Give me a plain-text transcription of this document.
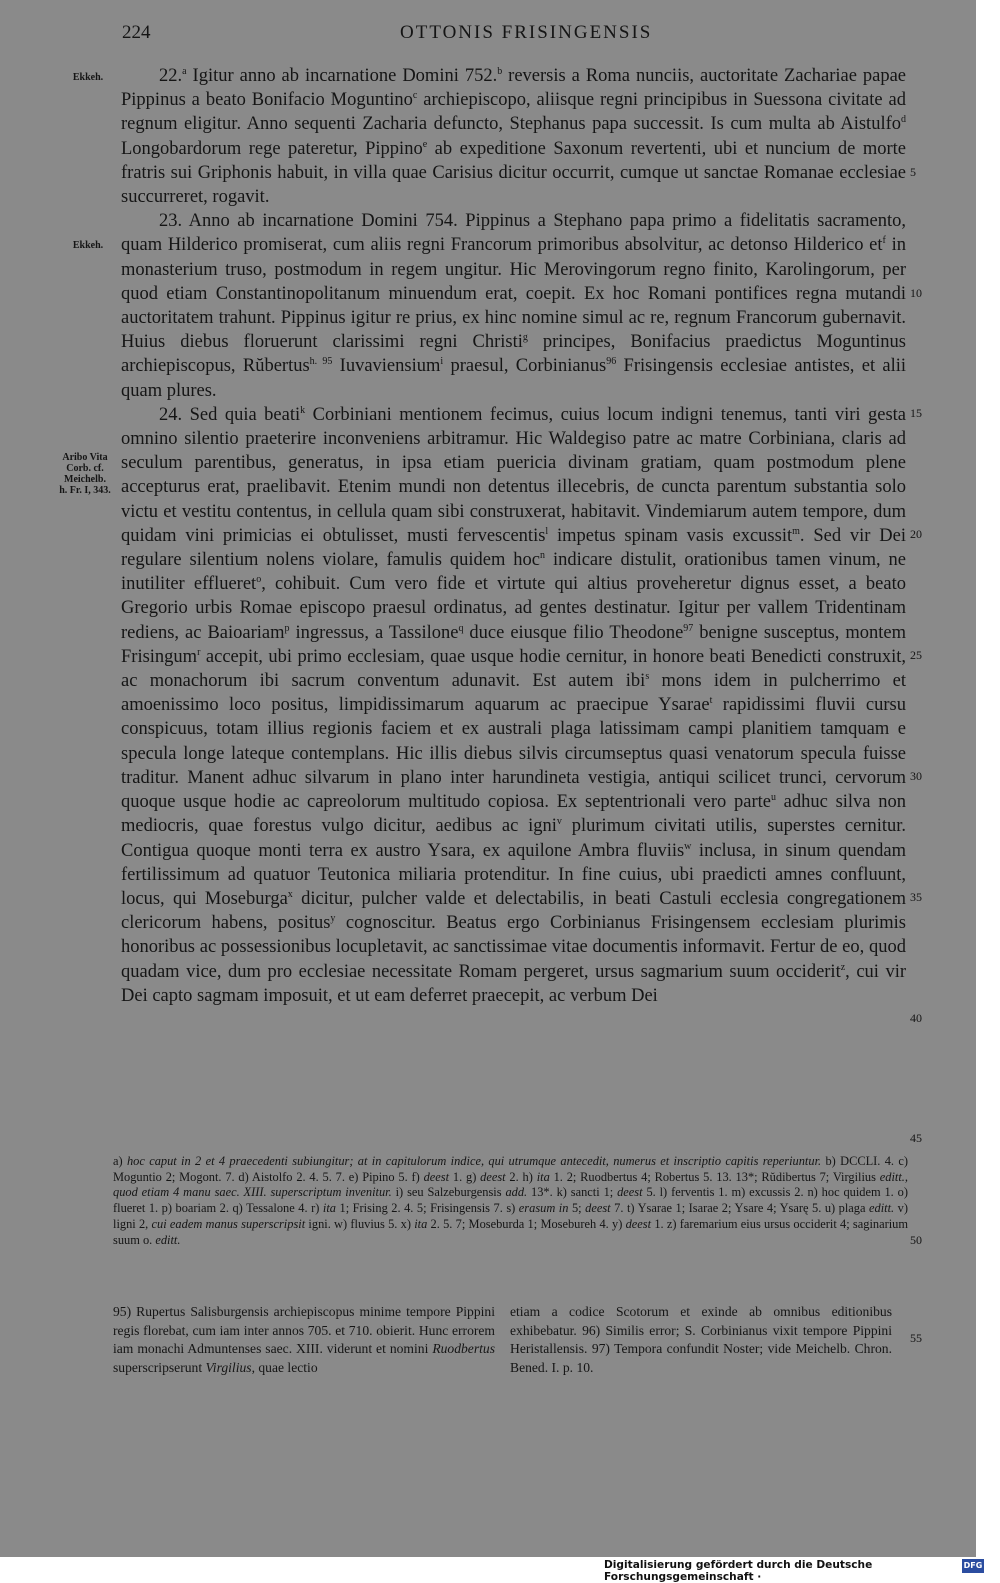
224	OTTONIS FRISINGENSIS
Ekkeh.
Ekkeh.
Aribo Vita
Corb. cf.
Meichelb.
h. Fr. I, 343.
5
10
15
20
25
30
35
40
45
50
55

22.$^a$ Igitur anno ab incarnatione Domini 752.$^b$ reversis a Roma nunciis, auctoritate Zachariae papae Pippinus a beato Bonifacio Moguntino$^c$ archiepiscopo, aliisque regni principibus in Suessona civitate ad regnum eligitur. Anno sequenti Zacharia defuncto, Stephanus papa successit. Is cum multa ab Aistulfo$^d$ Longobardorum rege pateretur, Pippino$^e$ ab expeditione Saxonum revertenti, ubi et nuncium de morte fratris sui Griphonis habuit, in villa quae Carisius dicitur occurrit, cumque ut sanctae Romanae ecclesiae succurreret, rogavit.

23. Anno ab incarnatione Domini 754. Pippinus a Stephano papa primo a fidelitatis sacramento, quam Hilderico promiserat, cum aliis regni Francorum primoribus absolvitur, ac detonso Hilderico $et^f$ in monasterium truso, postmodum in regem ungitur. Hic Merovingorum regno finito, Karolingorum, per quod etiam Constantinopolitanum minuendum erat, coepit. Ex hoc Romani pontifices regna mutandi auctoritatem trahunt. Pippinus igitur re prius, ex hinc nomine simul ac re, regnum Francorum gubernavit. Huius diebus floruerunt clarissimi regni Christi$^g$ principes, Bonifacius praedictus Moguntinus archiepiscopus, Rŭbertus$^{h. 95}$ Iuvaviensium$^i$ praesul, Corbinianus$^{96}$ Frisingensis ecclesiae antistes, et alii quam plures.

24. Sed quia beati$^k$ Corbiniani mentionem fecimus, cuius locum indigni tenemus, tanti viri gesta omnino silentio praeterire inconveniens arbitramur. Hic Waldegiso patre ac matre Corbiniana, claris ad seculum parentibus, generatus, in ipsa etiam puericia divinam gratiam, quam postmodum plene accepturus erat, praelibavit. Etenim mundi non detentus illecebris, de cuncta parentum substantia solo victu et vestitu contentus, in cellula quam sibi construxerat, habitavit. Vindemiarum autem tempore, dum quidam vini primicias ei obtulisset, musti fervescentis$^l$ impetus spinam vasis excussit$^m$. Sed vir Dei regulare silentium nolens violare, famulis quidem hoc$^n$ indicare distulit, orationibus tamen vinum, ne inutiliter efflueret$^o$, cohibuit. Cum vero fide et virtute qui altius proveheretur dignus esset, a beato Gregorio urbis Romae episcopo praesul ordinatus, ad gentes destinatur. Igitur per vallem Tridentinam rediens, ac Baioariam$^p$ ingressus, a Tassilone$^q$ duce eiusque filio Theodone$^{97}$ benigne susceptus, montem Frisingum$^r$ accepit, ubi primo ecclesiam, quae usque hodie cernitur, in honore beati Benedicti construxit, ac monachorum ibi sacrum conventum adunavit. Est autem ibi$^s$ mons idem in pulcherrimo et amoenissimo loco positus, limpidissimarum aquarum ac praecipue Ysarae$^t$ rapidissimi fluvii cursu conspicuus, totam illius regionis faciem et ex australi plaga latissimam campi planitiem tamquam e specula longe lateque contemplans. Hic illis diebus silvis circumseptus quasi venatorum specula fuisse traditur. Manent adhuc silvarum in plano inter harundineta vestigia, antiqui scilicet trunci, cervorum quoque usque hodie ac capreolorum multitudo copiosa. Ex septentrionali vero parte$^u$ adhuc silva non mediocris, quae forestus vulgo dicitur, aedibus ac igni$^v$ plurimum civitati utilis, superstes cernitur. Contigua quoque monti terra ex austro Ysara, ex aquilone Ambra fluviis$^w$ inclusa, in sinum quendam fertilissimum ad quatuor Teutonica miliaria protenditur. In fine cuius, ubi praedicti amnes confluunt, locus, qui Moseburga$^x$ dicitur, pulcher valde et delectabilis, in beati Castuli ecclesia congregationem clericorum habens, positus$^y$ cognoscitur. Beatus ergo Corbinianus Frisingensem ecclesiam plurimis honoribus ac possessionibus locupletavit, ac sanctissimae vitae documentis informavit. Fertur de eo, quod quadam vice, dum pro ecclesiae necessitate Romam pergeret, ursus sagmarium suum occiderit$^z$, cui vir Dei capto sagmam imposuit, et ut eam deferret praecepit, ac verbum Dei

a) hoc caput in 2 et 4 praecedenti subiungitur; at in capitulorum indice, qui utrumque antecedit, numerus et inscriptio capitis reperiuntur. b) DCCLI. 4. c) Moguntio 2; Mogont. 7. d) Aistolfo 2. 4. 5. 7. e) Pipino 5. f) deest 1. g) deest 2. h) ita 1. 2; Ruodbertus 4; Robertus 5. 13. 13*; Rŭdibertus 7; Virgilius editt., quod etiam 4 manu saec. XIII. superscriptum invenitur. i) seu Salzeburgensis add. 13*. k) sancti 1; deest 5. l) ferventis 1. m) excussis 2. n) hoc quidem 1. o) flueret 1. p) boariam 2. q) Tessalone 4. r) ita 1; Frising 2. 4. 5; Frisingensis 7. s) erasum in 5; deest 7. t) Ysarae 1; Isarae 2; Ysare 4; Ysarę 5. u) plaga editt. v) ligni 2, cui eadem manus superscripsit igni. w) fluvius 5. x) ita 2. 5. 7; Moseburda 1; Mosebureh 4. y) deest 1. z) faremarium eius ursus occiderit 4; saginarium suum o. editt.
95) Rupertus Salisburgensis archiepiscopus minime tempore Pippini regis florebat, cum iam inter annos 705. et 710. obierit. Hunc errorem iam monachi Admuntenses saec. XIII. viderunt et nomini Ruodbertus superscripserunt Virgilius, quae lectio
etiam a codice Scotorum et exinde ab omnibus editionibus exhibebatur. 96) Similis error; S. Corbinianus vixit tempore Pippini Heristallensis. 97) Tempora confundit Noster; vide Meichelb. Chron. Bened. I. p. 10.
Digitalisierung gefördert durch die Deutsche Forschungsgemeinschaft ·
DFG
